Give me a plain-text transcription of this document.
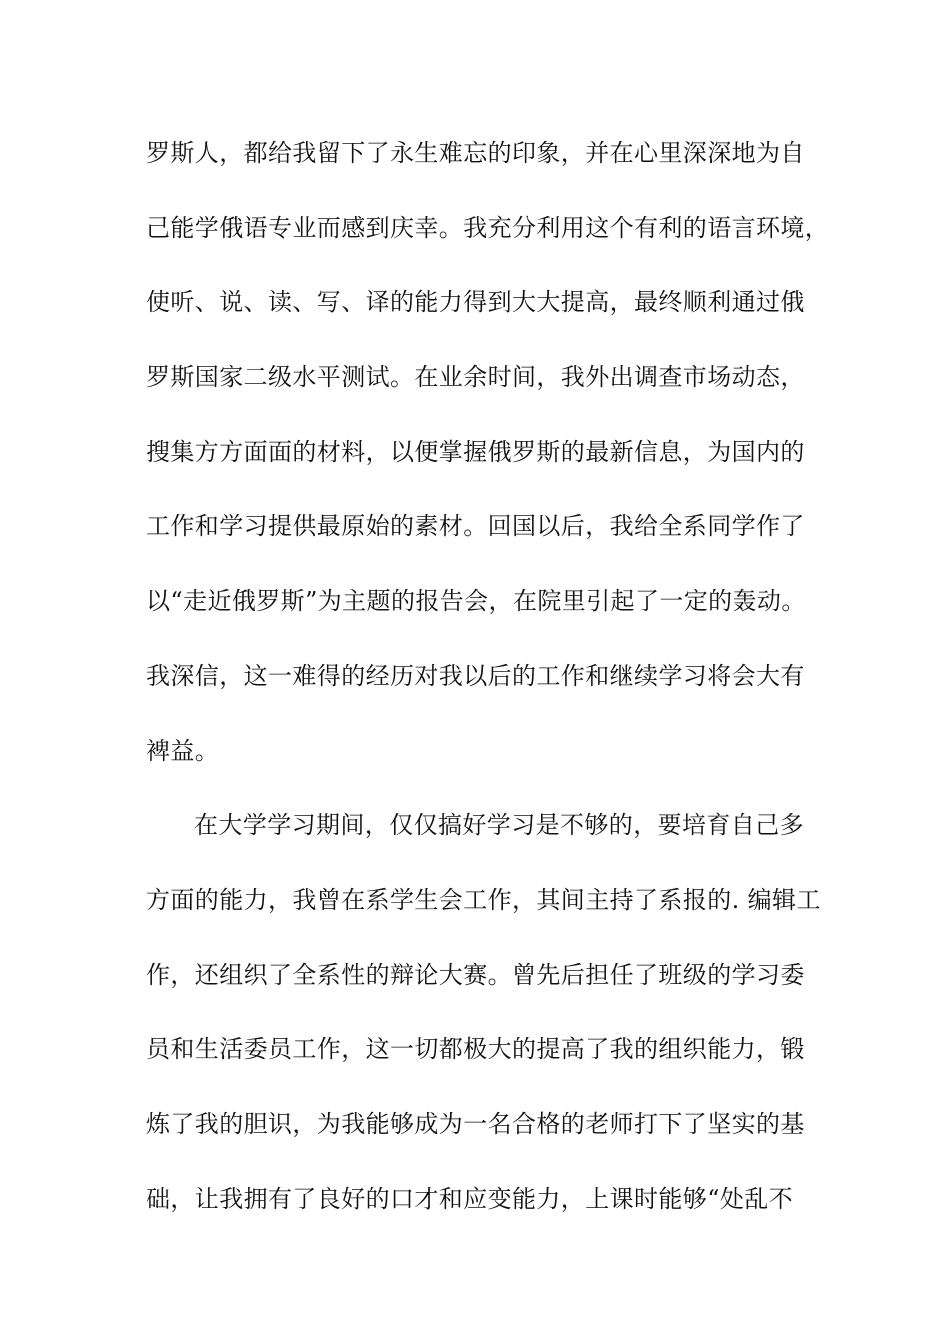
罗斯人，都给我留下了永生难忘的印象，并在心里深深地为自
己能学俄语专业而感到庆幸。我充分利用这个有利的语言环境，
使听、说、读、写、译的能力得到大大提高，最终顺利通过俄
罗斯国家二级水平测试。在业余时间，我外出调查市场动态，
搜集方方面面的材料，以便掌握俄罗斯的最新信息，为国内的
工作和学习提供最原始的素材。回国以后，我给全系同学作了
以“走近俄罗斯”为主题的报告会，在院里引起了一定的轰动。
我深信，这一难得的经历对我以后的工作和继续学习将会大有
裨益。
在大学学习期间，仅仅搞好学习是不够的，要培育自己多
方面的能力，我曾在系学生会工作，其间主持了系报的. 编辑工
作，还组织了全系性的辩论大赛。曾先后担任了班级的学习委
员和生活委员工作，这一切都极大的提高了我的组织能力，锻
炼了我的胆识，为我能够成为一名合格的老师打下了坚实的基
础，让我拥有了良好的口才和应变能力，上课时能够“处乱不
